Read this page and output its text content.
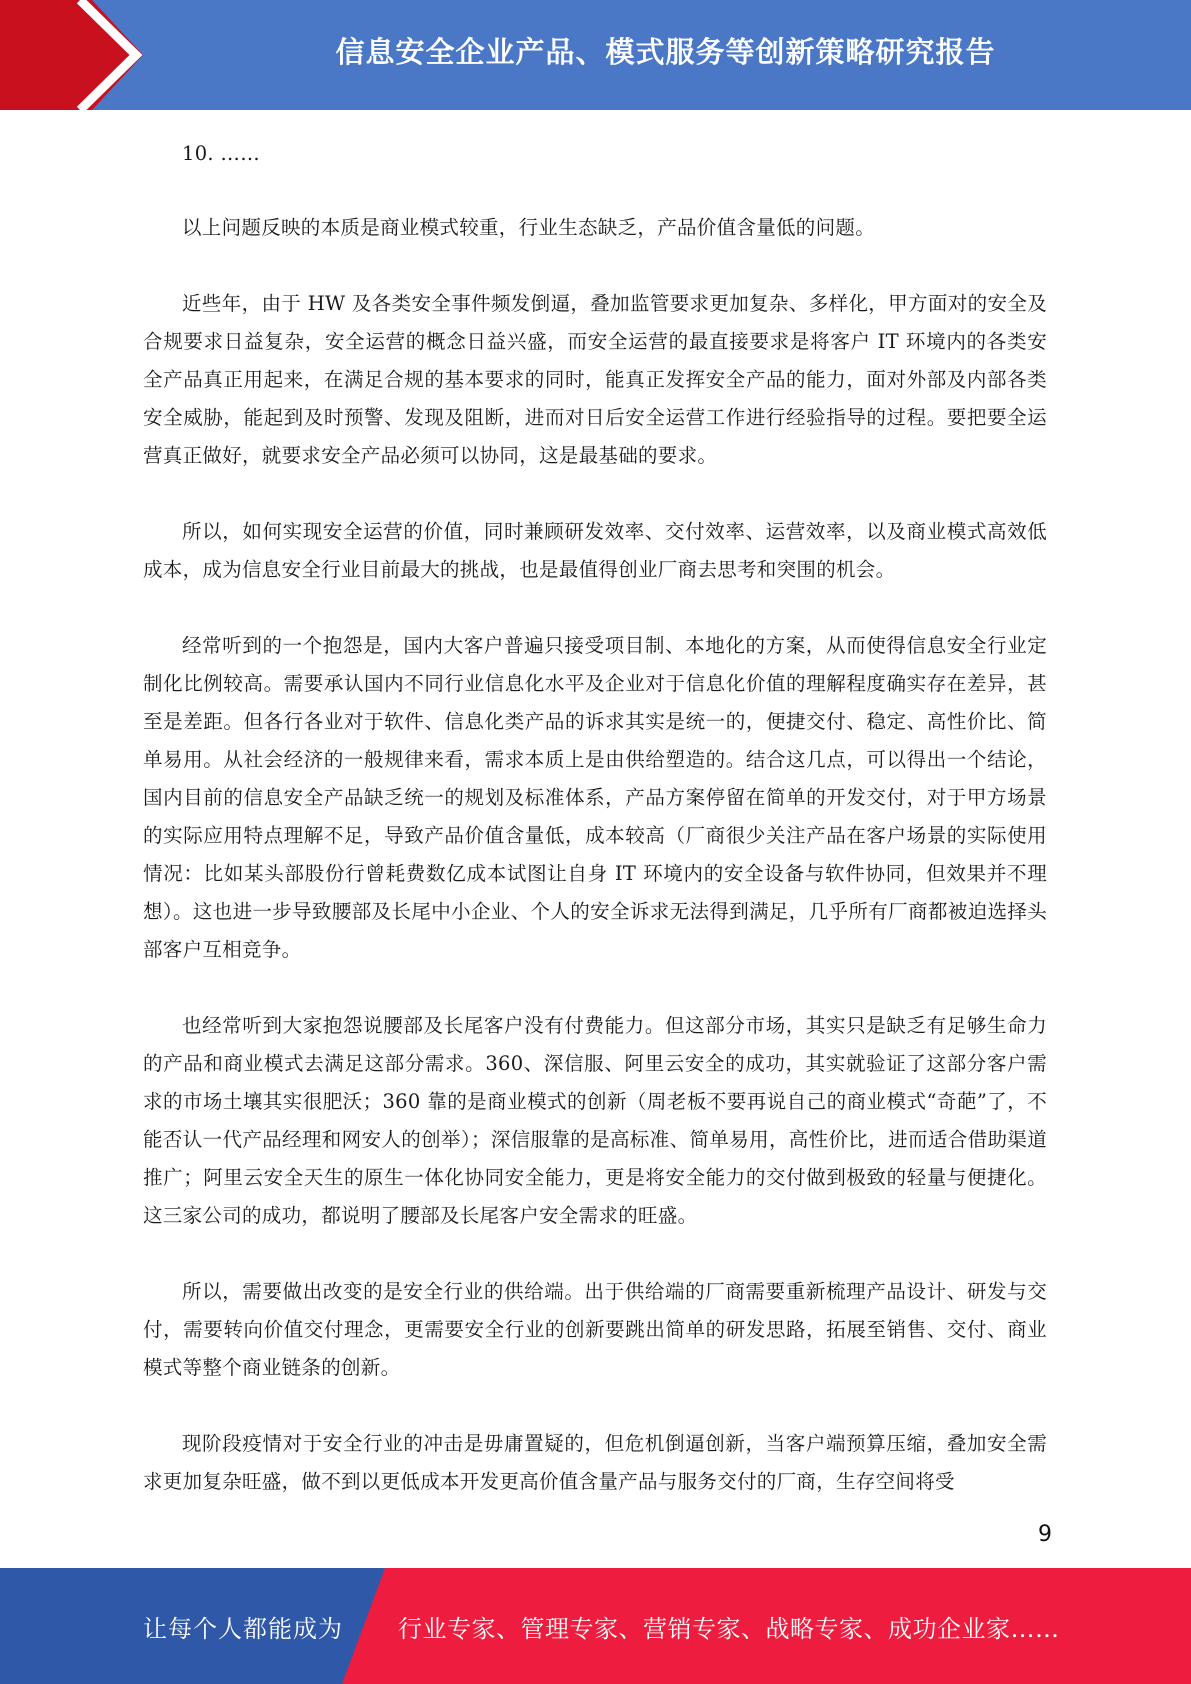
信息安全企业产品、模式服务等创新策略研究报告

10. ……

以上问题反映的本质是商业模式较重，行业生态缺乏，产品价值含量低的问题。

近些年，由于 HW 及各类安全事件频发倒逼，叠加监管要求更加复杂、多样化，甲方面对的安全及合规要求日益复杂，安全运营的概念日益兴盛，而安全运营的最直接要求是将客户 IT 环境内的各类安全产品真正用起来，在满足合规的基本要求的同时，能真正发挥安全产品的能力，面对外部及内部各类安全威胁，能起到及时预警、发现及阻断，进而对日后安全运营工作进行经验指导的过程。要把要全运营真正做好，就要求安全产品必须可以协同，这是最基础的要求。

所以，如何实现安全运营的价值，同时兼顾研发效率、交付效率、运营效率，以及商业模式高效低成本，成为信息安全行业目前最大的挑战，也是最值得创业厂商去思考和突围的机会。

经常听到的一个抱怨是，国内大客户普遍只接受项目制、本地化的方案，从而使得信息安全行业定制化比例较高。需要承认国内不同行业信息化水平及企业对于信息化价值的理解程度确实存在差异，甚至是差距。但各行各业对于软件、信息化类产品的诉求其实是统一的，便捷交付、稳定、高性价比、简单易用。从社会经济的一般规律来看，需求本质上是由供给塑造的。结合这几点，可以得出一个结论，国内目前的信息安全产品缺乏统一的规划及标准体系，产品方案停留在简单的开发交付，对于甲方场景的实际应用特点理解不足，导致产品价值含量低，成本较高（厂商很少关注产品在客户场景的实际使用情况：比如某头部股份行曾耗费数亿成本试图让自身 IT 环境内的安全设备与软件协同，但效果并不理想）。这也进一步导致腰部及长尾中小企业、个人的安全诉求无法得到满足，几乎所有厂商都被迫选择头部客户互相竞争。

也经常听到大家抱怨说腰部及长尾客户没有付费能力。但这部分市场，其实只是缺乏有足够生命力的产品和商业模式去满足这部分需求。360、深信服、阿里云安全的成功，其实就验证了这部分客户需求的市场土壤其实很肥沃；360 靠的是商业模式的创新（周老板不要再说自己的商业模式“奇葩”了，不能否认一代产品经理和网安人的创举）；深信服靠的是高标准、简单易用，高性价比，进而适合借助渠道推广；阿里云安全天生的原生一体化协同安全能力，更是将安全能力的交付做到极致的轻量与便捷化。这三家公司的成功，都说明了腰部及长尾客户安全需求的旺盛。

所以，需要做出改变的是安全行业的供给端。出于供给端的厂商需要重新梳理产品设计、研发与交付，需要转向价值交付理念，更需要安全行业的创新要跳出简单的研发思路，拓展至销售、交付、商业模式等整个商业链条的创新。

现阶段疫情对于安全行业的冲击是毋庸置疑的，但危机倒逼创新，当客户端预算压缩，叠加安全需求更加复杂旺盛，做不到以更低成本开发更高价值含量产品与服务交付的厂商，生存空间将受

9
让每个人都能成为 行业专家、管理专家、营销专家、战略专家、成功企业家……
